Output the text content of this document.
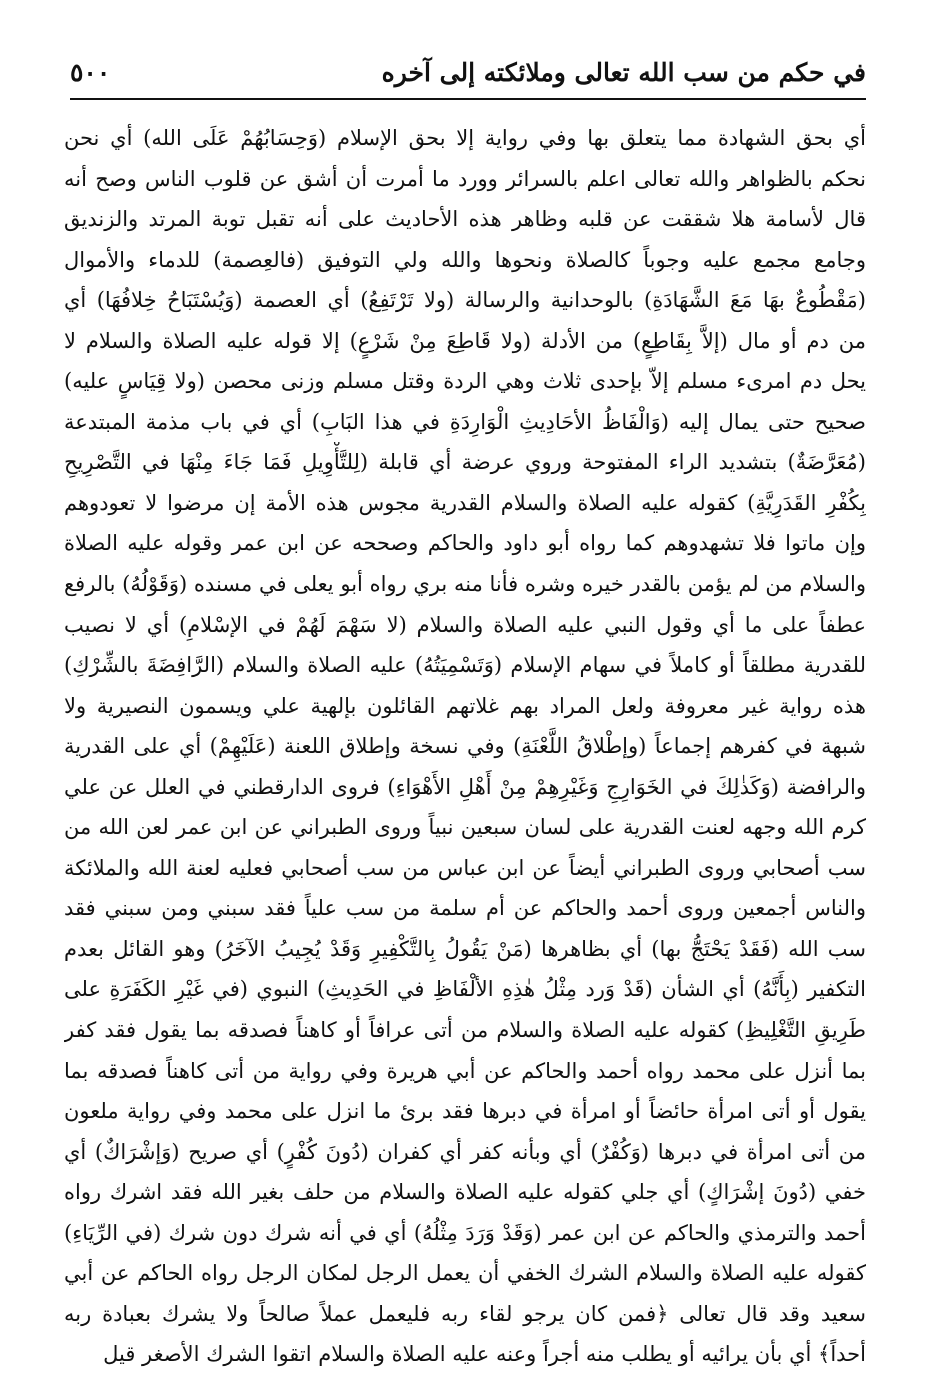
في حكم من سب الله تعالى وملائكته إلى آخره
٥٠٠
أي بحق الشهادة مما يتعلق بها وفي رواية إلا بحق الإسلام (وَحِسَابُهُمْ عَلَى الله) أي نحن
نحكم بالظواهر والله تعالى اعلم بالسرائر وورد ما أمرت أن أشق عن قلوب الناس وصح أنه
قال لأسامة هلا شققت عن قلبه وظاهر هذه الأحاديث على أنه تقبل توبة المرتد والزنديق
وجامع مجمع عليه وجوباً كالصلاة ونحوها والله ولي التوفيق (فالعِصمة) للدماء والأموال
(مَقْطُوعٌ بهَا مَعَ الشَّهَادَةِ) بالوحدانية والرسالة (ولا تَرْتَفِعُ) أي العصمة (وَيُسْتَبَاحُ خِلافُهَا) أي
من دم أو مال (إلاَّ بِقَاطِعٍ) من الأدلة (ولا قَاطِعَ مِنْ شَرْعٍ) إلا قوله عليه الصلاة والسلام لا
يحل دم امرىء مسلم إلاّ بإحدى ثلاث وهي الردة وقتل مسلم وزنى محصن (ولا قِيَاسٍ عليه)
صحيح حتى يمال إليه (وَالْفَاظُ الأحَادِيثِ الْوَارِدَةِ في هذا البَابِ) أي في باب مذمة المبتدعة
(مُعَرَّضَةٌ) بتشديد الراء المفتوحة وروي عرضة أي قابلة (لِلتَّأْوِيلِ فَمَا جَاءَ مِنْهَا في التَّصْرِيحِ
بِكُفْرِ القَدَرِيَّةِ) كقوله عليه الصلاة والسلام القدرية مجوس هذه الأمة إن مرضوا لا تعودوهم
وإن ماتوا فلا تشهدوهم كما رواه أبو داود والحاكم وصححه عن ابن عمر وقوله عليه الصلاة
والسلام من لم يؤمن بالقدر خيره وشره فأنا منه بري رواه أبو يعلى في مسنده (وَقَوْلُهُ) بالرفع
عطفاً على ما أي وقول النبي عليه الصلاة والسلام (لا سَهْمَ لَهُمْ في الإسْلامِ) أي لا نصيب
للقدرية مطلقاً أو كاملاً في سهام الإسلام (وَتَسْمِيَتُهُ) عليه الصلاة والسلام (الرَّافِضَةَ بالشِّرْكِ)
هذه رواية غير معروفة ولعل المراد بهم غلاتهم القائلون بإلهية علي ويسمون النصيرية ولا
شبهة في كفرهم إجماعاً (وإطْلاقُ اللَّعْنَةِ) وفي نسخة وإطلاق اللعنة (عَلَيْهِمْ) أي على القدرية
والرافضة (وَكَذٰلِكَ في الخَوَارِجِ وَغَيْرِهِمْ مِنْ أَهْلِ الأَهْوَاءِ) فروى الدارقطني في العلل عن علي
كرم الله وجهه لعنت القدرية على لسان سبعين نبياً وروى الطبراني عن ابن عمر لعن الله من
سب أصحابي وروى الطبراني أيضاً عن ابن عباس من سب أصحابي فعليه لعنة الله والملائكة
والناس أجمعين وروى أحمد والحاكم عن أم سلمة من سب علياً فقد سبني ومن سبني فقد
سب الله (فَقَدْ يَحْتَجُّ بها) أي بظاهرها (مَنْ يَقُولُ بِالتَّكْفِيرِ وَقَدْ يُجِيبُ الآخَرُ) وهو القائل بعدم
التكفير (بِأَنَّهُ) أي الشأن (قَدْ وَرد مِثْلُ هٰذِهِ الألْفَاظِ في الحَدِيثِ) النبوي (في غَيْرِ الكَفَرَةِ على
طَرِيقِ التَّغْلِيظِ) كقوله عليه الصلاة والسلام من أتى عرافاً أو كاهناً فصدقه بما يقول فقد كفر
بما أنزل على محمد رواه أحمد والحاكم عن أبي هريرة وفي رواية من أتى كاهناً فصدقه بما
يقول أو أتى امرأة حائضاً أو امرأة في دبرها فقد برئ ما انزل على محمد وفي رواية ملعون
من أتى امرأة في دبرها (وَكُفْرٌ) أي وبأنه كفر أي كفران (دُونَ كُفْرٍ) أي صريح (وَإشْرَاكٌ) أي
خفي (دُونَ إشْرَاكٍ) أي جلي كقوله عليه الصلاة والسلام من حلف بغير الله فقد اشرك رواه
أحمد والترمذي والحاكم عن ابن عمر (وَقَدْ وَرَدَ مِثْلُهُ) أي في أنه شرك دون شرك (في الرِّيَاءِ)
كقوله عليه الصلاة والسلام الشرك الخفي أن يعمل الرجل لمكان الرجل رواه الحاكم عن أبي
سعيد وقد قال تعالى ﴿فمن كان يرجو لقاء ربه فليعمل عملاً صالحاً ولا يشرك بعبادة ربه
أحداً﴾ أي بأن يرائيه أو يطلب منه أجراً وعنه عليه الصلاة والسلام اتقوا الشرك الأصغر قيل
